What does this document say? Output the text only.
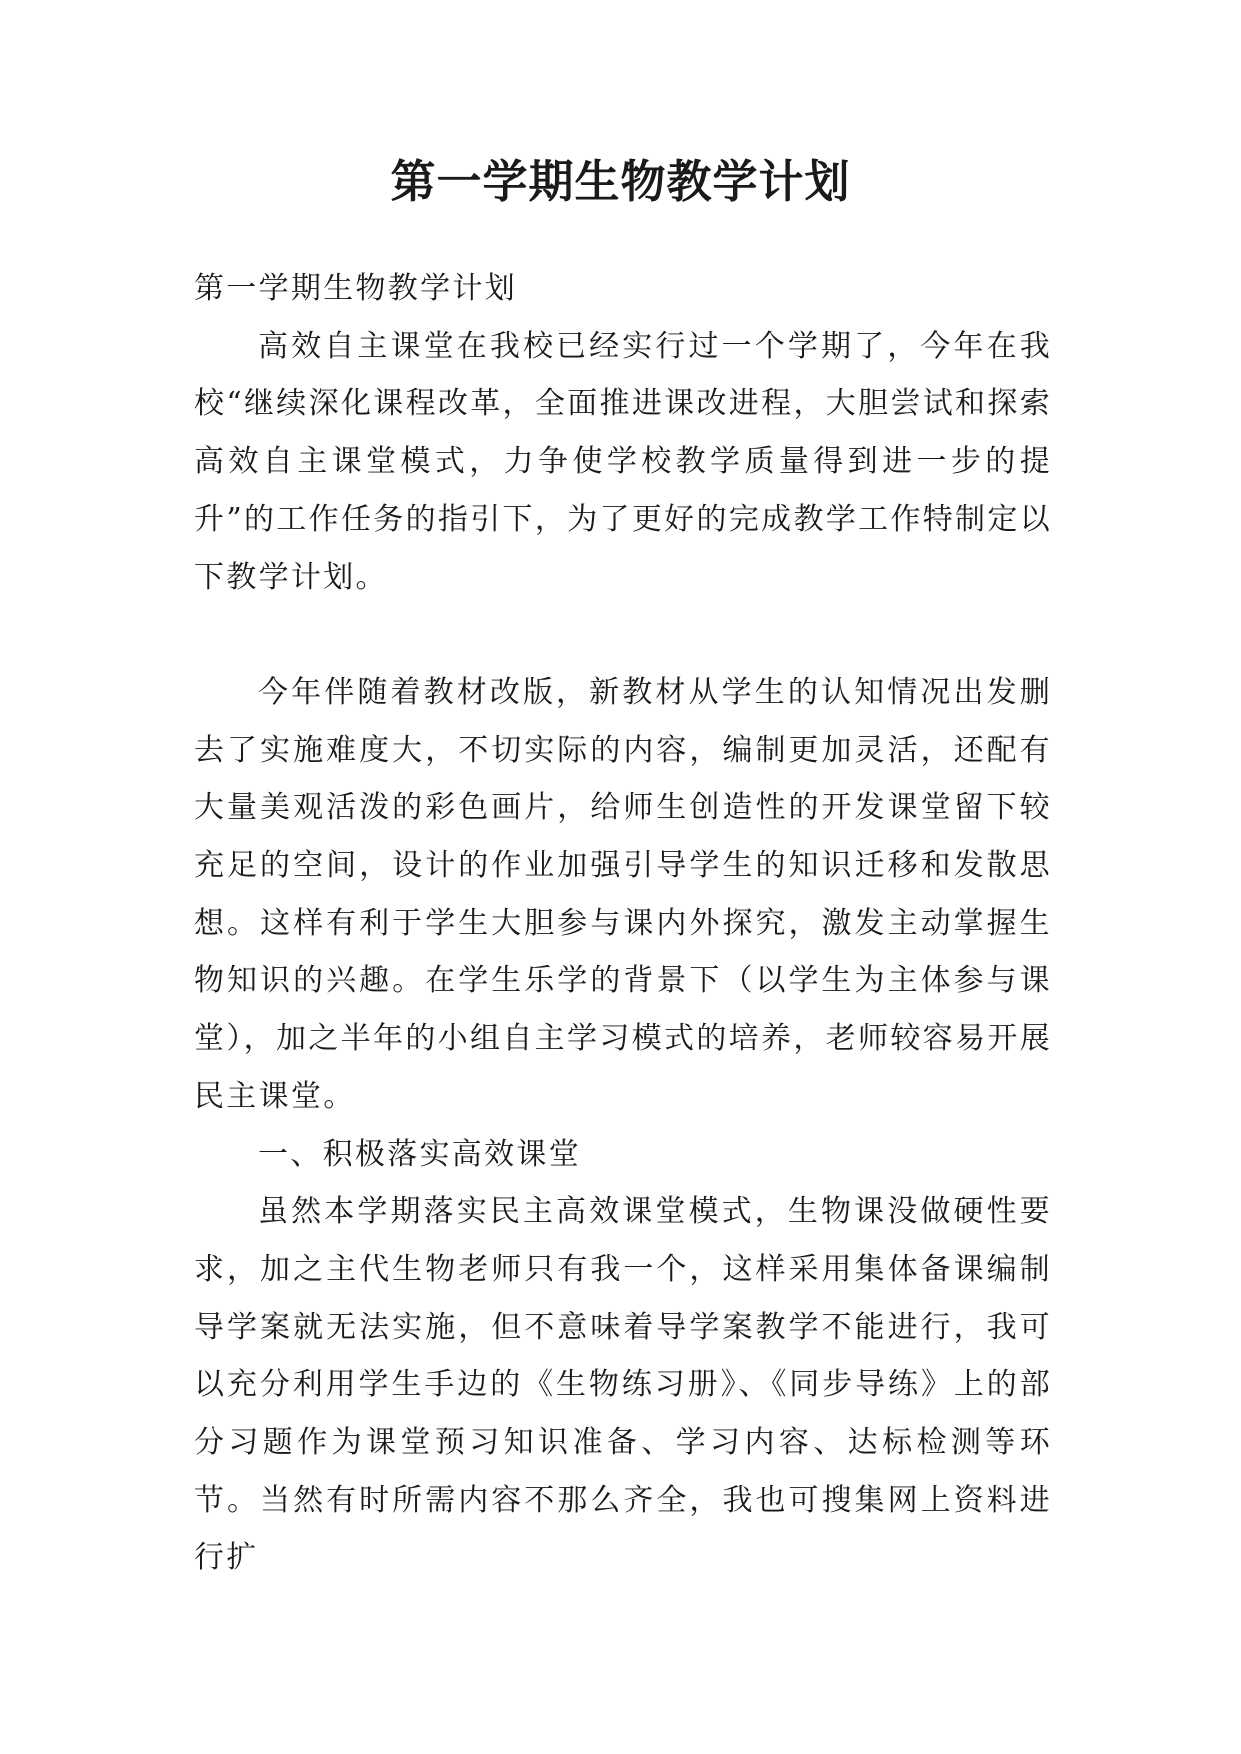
第一学期生物教学计划

第一学期生物教学计划

高效自主课堂在我校已经实行过一个学期了，今年在我校“继续深化课程改革，全面推进课改进程，大胆尝试和探索高效自主课堂模式，力争使学校教学质量得到进一步的提升”的工作任务的指引下，为了更好的完成教学工作特制定以下教学计划。

今年伴随着教材改版，新教材从学生的认知情况出发删去了实施难度大，不切实际的内容，编制更加灵活，还配有大量美观活泼的彩色画片，给师生创造性的开发课堂留下较充足的空间，设计的作业加强引导学生的知识迁移和发散思想。这样有利于学生大胆参与课内外探究，激发主动掌握生物知识的兴趣。在学生乐学的背景下（以学生为主体参与课堂），加之半年的小组自主学习模式的培养，老师较容易开展民主课堂。

一、积极落实高效课堂

虽然本学期落实民主高效课堂模式，生物课没做硬性要求，加之主代生物老师只有我一个，这样采用集体备课编制导学案就无法实施，但不意味着导学案教学不能进行，我可以充分利用学生手边的《生物练习册》、《同步导练》上的部分习题作为课堂预习知识准备、学习内容、达标检测等环节。当然有时所需内容不那么齐全，我也可搜集网上资料进行扩
